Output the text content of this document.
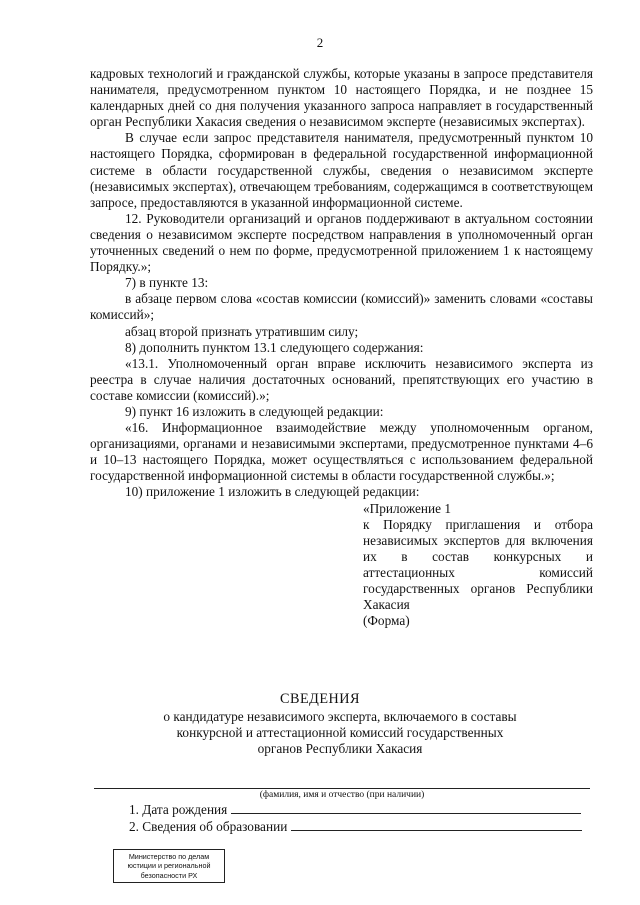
2

кадровых технологий и гражданской службы, которые указаны в запросе представителя нанимателя, предусмотренном пунктом 10 настоящего Порядка, и не позднее 15 календарных дней со дня получения указанного запроса направляет в государственный орган Республики Хакасия сведения о независимом эксперте (независимых экспертах).

В случае если запрос представителя нанимателя, предусмотренный пунктом 10 настоящего Порядка, сформирован в федеральной государственной информационной системе в области государственной службы, сведения о независимом эксперте (независимых экспертах), отвечающем требованиям, содержащимся в соответствующем запросе, предоставляются в указанной информационной системе.

12. Руководители организаций и органов поддерживают в актуальном состоянии сведения о независимом эксперте посредством направления в уполномоченный орган уточненных сведений о нем по форме, предусмотренной приложением 1 к настоящему Порядку.»;

7) в пункте 13:

в абзаце первом слова «состав комиссии (комиссий)» заменить словами «составы комиссий»;

абзац второй признать утратившим силу;

8) дополнить пунктом 13.1 следующего содержания:

«13.1. Уполномоченный орган вправе исключить независимого эксперта из реестра в случае наличия достаточных оснований, препятствующих его участию в составе комиссии (комиссий).»;

9) пункт 16 изложить в следующей редакции:

«16. Информационное взаимодействие между уполномоченным органом, организациями, органами и независимыми экспертами, предусмотренное пунктами 4–6 и 10–13 настоящего Порядка, может осуществляться с использованием федеральной государственной информационной системы в области государственной службы.»;

10) приложение 1 изложить в следующей редакции:

«Приложение 1

к Порядку приглашения и отбора независимых экспертов для включения их в состав конкурсных и аттестационных комиссий государственных органов Республики Хакасия

(Форма)

СВЕДЕНИЯ
о кандидатуре независимого эксперта, включаемого в составы конкурсной и аттестационной комиссий государственных органов Республики Хакасия
(фамилия, имя и отчество (при наличии)
1. Дата рождения
2. Сведения об образовании
Министерство по делам
юстиции и региональной
безопасности РХ
